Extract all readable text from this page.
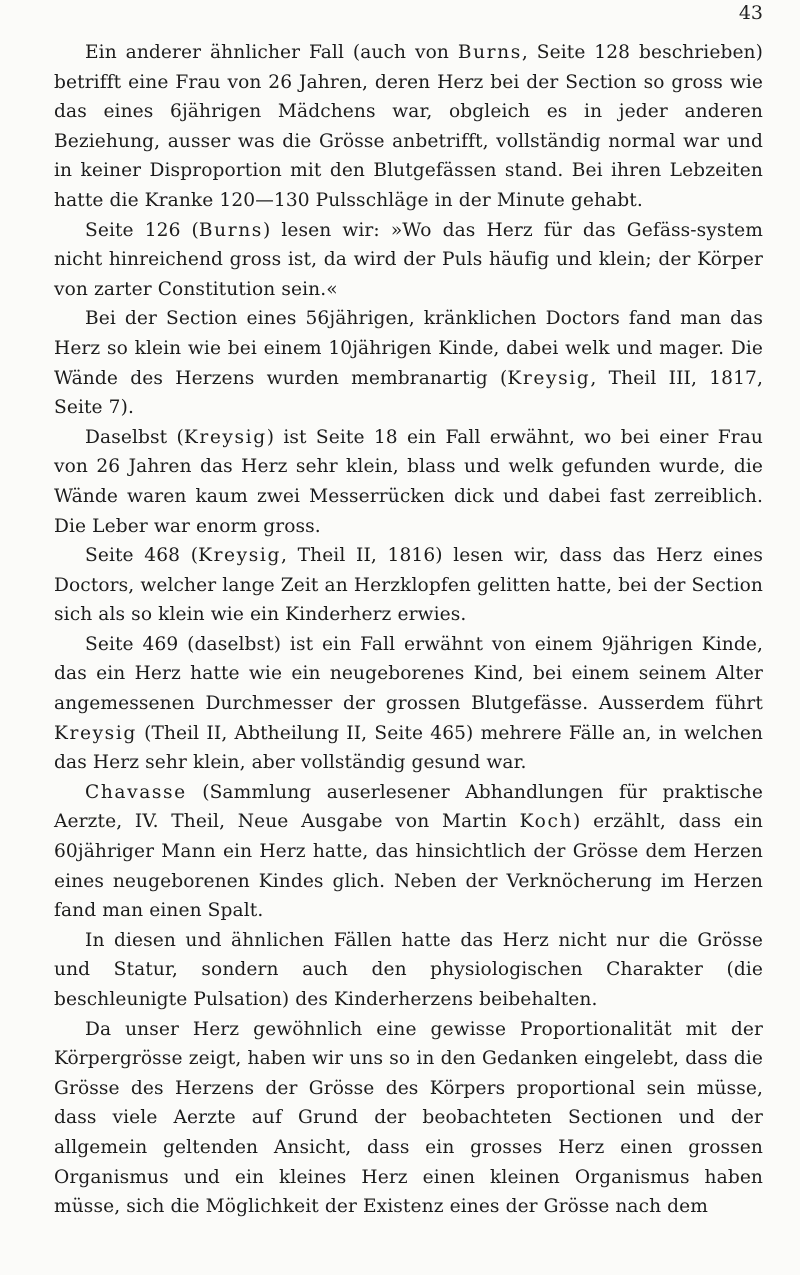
43

Ein anderer ähnlicher Fall (auch von Burns, Seite 128 beschrieben) betrifft eine Frau von 26 Jahren, deren Herz bei der Section so gross wie das eines 6jährigen Mädchens war, obgleich es in jeder anderen Beziehung, ausser was die Grösse anbetrifft, vollständig normal war und in keiner Disproportion mit den Blutgefässen stand. Bei ihren Lebzeiten hatte die Kranke 120—130 Pulsschläge in der Minute gehabt.

Seite 126 (Burns) lesen wir: »Wo das Herz für das Gefäss-system nicht hinreichend gross ist, da wird der Puls häufig und klein; der Körper von zarter Constitution sein.«

Bei der Section eines 56jährigen, kränklichen Doctors fand man das Herz so klein wie bei einem 10jährigen Kinde, dabei welk und mager. Die Wände des Herzens wurden membranartig (Kreysig, Theil III, 1817, Seite 7).

Daselbst (Kreysig) ist Seite 18 ein Fall erwähnt, wo bei einer Frau von 26 Jahren das Herz sehr klein, blass und welk gefunden wurde, die Wände waren kaum zwei Messerrücken dick und dabei fast zerreiblich. Die Leber war enorm gross.

Seite 468 (Kreysig, Theil II, 1816) lesen wir, dass das Herz eines Doctors, welcher lange Zeit an Herzklopfen gelitten hatte, bei der Section sich als so klein wie ein Kinderherz erwies.

Seite 469 (daselbst) ist ein Fall erwähnt von einem 9jährigen Kinde, das ein Herz hatte wie ein neugeborenes Kind, bei einem seinem Alter angemessenen Durchmesser der grossen Blutgefässe. Ausserdem führt Kreysig (Theil II, Abtheilung II, Seite 465) mehrere Fälle an, in welchen das Herz sehr klein, aber vollständig gesund war.

Chavasse (Sammlung auserlesener Abhandlungen für praktische Aerzte, IV. Theil, Neue Ausgabe von Martin Koch) erzählt, dass ein 60jähriger Mann ein Herz hatte, das hinsichtlich der Grösse dem Herzen eines neugeborenen Kindes glich. Neben der Verknöcherung im Herzen fand man einen Spalt.

In diesen und ähnlichen Fällen hatte das Herz nicht nur die Grösse und Statur, sondern auch den physiologischen Charakter (die beschleunigte Pulsation) des Kinderherzens beibehalten.

Da unser Herz gewöhnlich eine gewisse Proportionalität mit der Körpergrösse zeigt, haben wir uns so in den Gedanken eingelebt, dass die Grösse des Herzens der Grösse des Körpers proportional sein müsse, dass viele Aerzte auf Grund der beobachteten Sectionen und der allgemein geltenden Ansicht, dass ein grosses Herz einen grossen Organismus und ein kleines Herz einen kleinen Organismus haben müsse, sich die Möglichkeit der Existenz eines der Grösse nach dem
